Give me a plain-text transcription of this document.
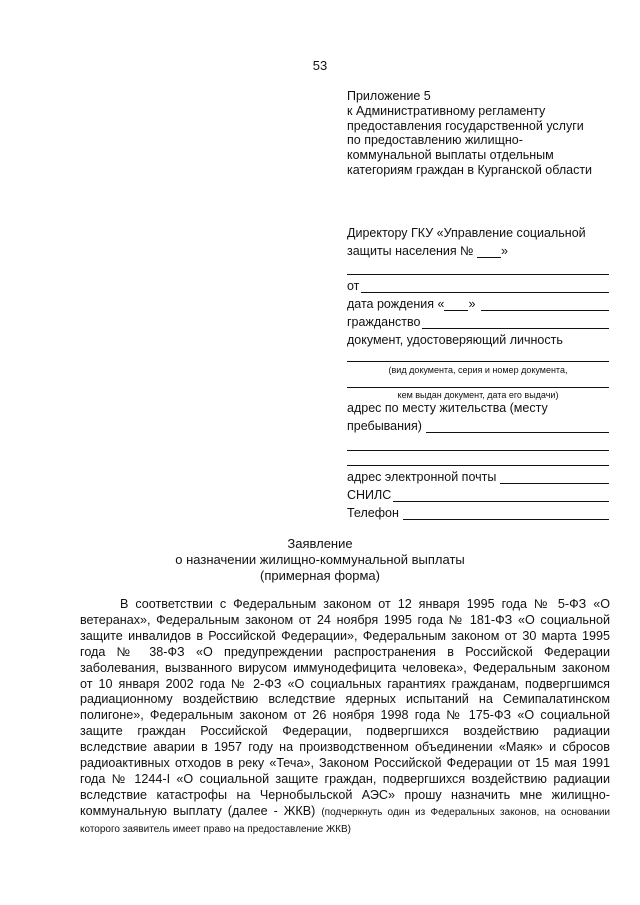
53
Приложение 5
к Административному регламенту
предоставления государственной услуги
по предоставлению жилищно-
коммунальной выплаты отдельным
категориям граждан в Курганской области
Директору ГКУ «Управление социальной
защиты населения №
»
от
дата рождения « »
гражданство
документ, удостоверяющий личность
(вид документа, серия и номер документа,
кем выдан документ, дата его выдачи)
адрес по месту жительства (месту
пребывания)
адрес электронной почты
СНИЛС
Телефон
Заявление
о назначении жилищно-коммунальной выплаты
(примерная форма)

В соответствии с Федеральным законом от 12 января 1995 года № 5-ФЗ «О ветеранах», Федеральным законом от 24 ноября 1995 года № 181-ФЗ «О социальной защите инвалидов в Российской Федерации», Федеральным законом от 30 марта 1995 года № 38-ФЗ «О предупреждении распространения в Российской Федерации заболевания, вызванного вирусом иммунодефицита человека», Федеральным законом от 10 января 2002 года № 2-ФЗ «О социальных гарантиях гражданам, подвергшимся радиационному воздействию вследствие ядерных испытаний на Семипалатинском полигоне», Федеральным законом от 26 ноября 1998 года № 175-ФЗ «О социальной защите граждан Российской Федерации, подвергшихся воздействию радиации вследствие аварии в 1957 году на производственном объединении «Маяк» и сбросов радиоактивных отходов в реку «Теча», Законом Российской Федерации от 15 мая 1991 года № 1244-I «О социальной защите граждан, подвергшихся воздействию радиации вследствие катастрофы на Чернобыльской АЭС» прошу назначить мне жилищно-коммунальную выплату (далее - ЖКВ) (подчеркнуть один из Федеральных законов, на основании которого заявитель имеет право на предоставление ЖКВ)
